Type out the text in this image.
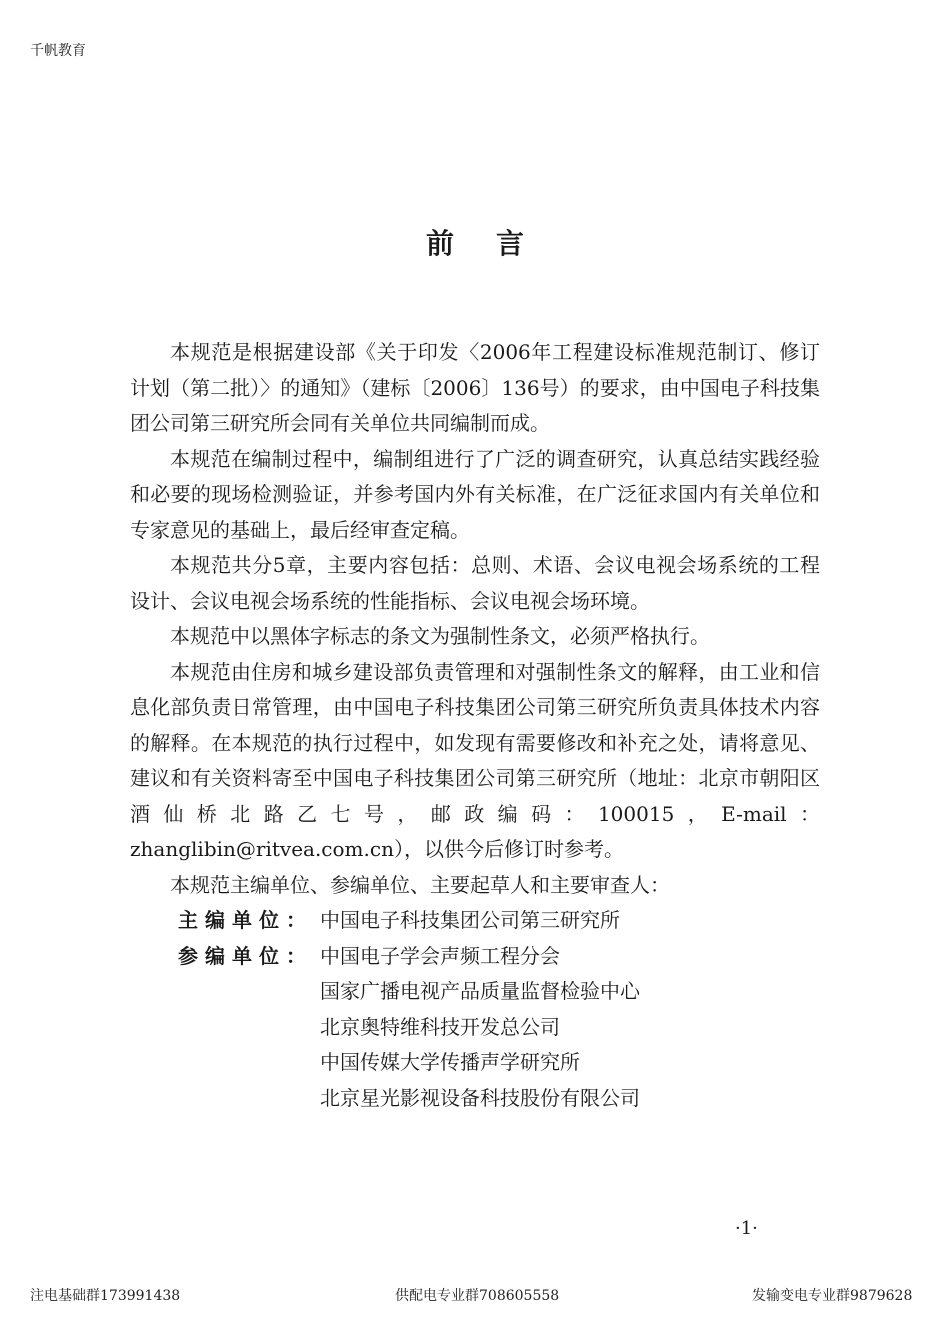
千帆教育
前言

本规范是根据建设部《关于印发〈2006年工程建设标准规范制订、修订计划（第二批）〉的通知》（建标〔2006〕136号）的要求，由中国电子科技集团公司第三研究所会同有关单位共同编制而成。

本规范在编制过程中，编制组进行了广泛的调查研究，认真总结实践经验和必要的现场检测验证，并参考国内外有关标准，在广泛征求国内有关单位和专家意见的基础上，最后经审查定稿。

本规范共分5章，主要内容包括：总则、术语、会议电视会场系统的工程设计、会议电视会场系统的性能指标、会议电视会场环境。

本规范中以黑体字标志的条文为强制性条文，必须严格执行。

本规范由住房和城乡建设部负责管理和对强制性条文的解释，由工业和信息化部负责日常管理，由中国电子科技集团公司第三研究所负责具体技术内容的解释。在本规范的执行过程中，如发现有需要修改和补充之处，请将意见、建议和有关资料寄至中国电子科技集团公司第三研究所（地址：北京市朝阳区酒仙桥北路乙七号，邮政编码：100015，E-mail：zhanglibin@ritvea.com.cn），以供今后修订时参考。

本规范主编单位、参编单位、主要起草人和主要审查人：

主编单位： 中国电子科技集团公司第三研究所
参编单位： 中国电子学会声频工程分会
国家广播电视产品质量监督检验中心
北京奥特维科技开发总公司
中国传媒大学传播声学研究所
北京星光影视设备科技股份有限公司
·1·
注电基础群173991438	供配电专业群708605558	发输变电专业群9879628
